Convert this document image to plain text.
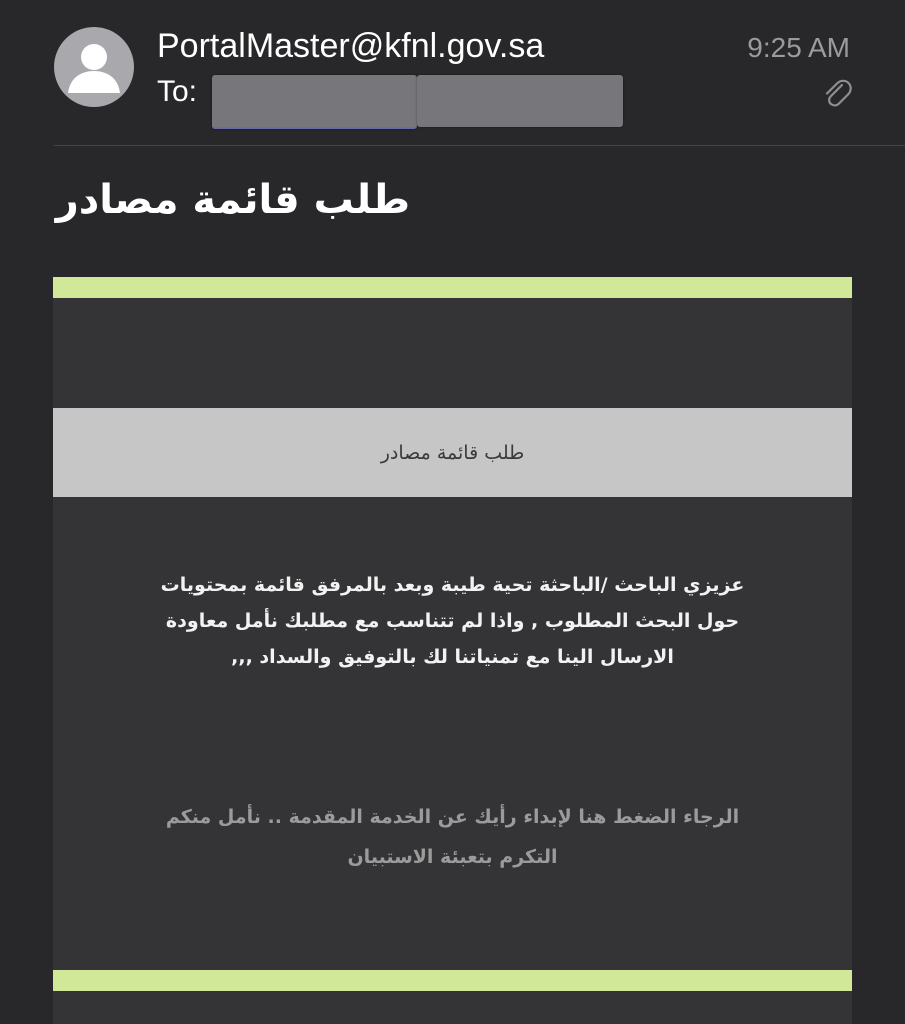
PortalMaster@kfnl.gov.sa
To:
9:25 AM
طلب قائمة مصادر
طلب قائمة مصادر
عزيزي الباحث /الباحثة تحية طيبة وبعد بالمرفق قائمة بمحتويات
حول البحث المطلوب , واذا لم تتناسب مع مطلبك نأمل معاودة
الارسال الينا مع تمنياتنا لك بالتوفيق والسداد ,,,
الرجاء الضغط هنا لإبداء رأيك عن الخدمة المقدمة .. نأمل منكم
التكرم بتعبئة الاستبيان
